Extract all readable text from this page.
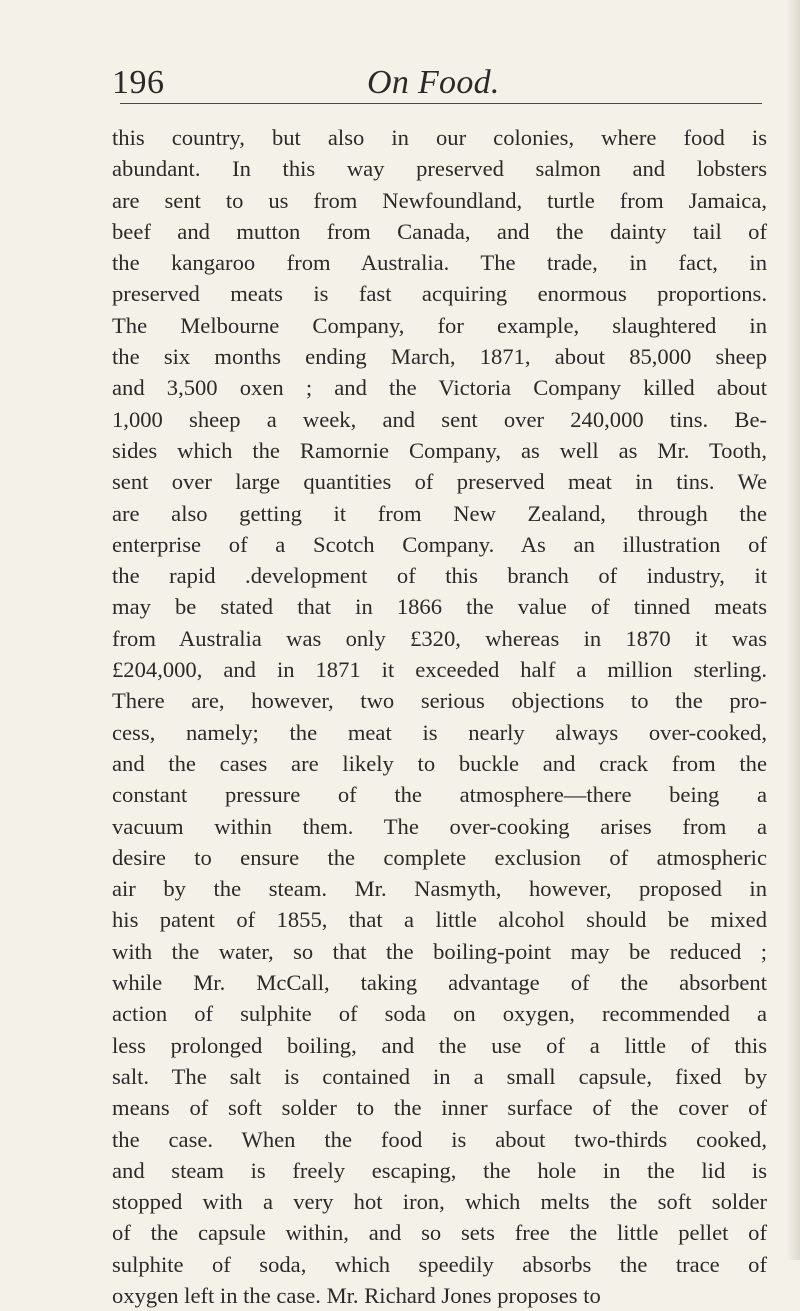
196	On Food.
this country, but also in our colonies, where food is
abundant. In this way preserved salmon and lobsters
are sent to us from Newfoundland, turtle from Jamaica,
beef and mutton from Canada, and the dainty tail of
the kangaroo from Australia. The trade, in fact, in
preserved meats is fast acquiring enormous proportions.
The Melbourne Company, for example, slaughtered in
the six months ending March, 1871, about 85,000 sheep
and 3,500 oxen ; and the Victoria Company killed about
1,000 sheep a week, and sent over 240,000 tins. Be-
sides which the Ramornie Company, as well as Mr. Tooth,
sent over large quantities of preserved meat in tins. We
are also getting it from New Zealand, through the
enterprise of a Scotch Company. As an illustration of
the rapid .development of this branch of industry, it
may be stated that in 1866 the value of tinned meats
from Australia was only £320, whereas in 1870 it was
£204,000, and in 1871 it exceeded half a million sterling.
There are, however, two serious objections to the pro-
cess, namely; the meat is nearly always over-cooked,
and the cases are likely to buckle and crack from the
constant pressure of the atmosphere—there being a
vacuum within them. The over-cooking arises from a
desire to ensure the complete exclusion of atmospheric
air by the steam. Mr. Nasmyth, however, proposed in
his patent of 1855, that a little alcohol should be mixed
with the water, so that the boiling-point may be reduced ;
while Mr. McCall, taking advantage of the absorbent
action of sulphite of soda on oxygen, recommended a
less prolonged boiling, and the use of a little of this
salt. The salt is contained in a small capsule, fixed by
means of soft solder to the inner surface of the cover of
the case. When the food is about two-thirds cooked,
and steam is freely escaping, the hole in the lid is
stopped with a very hot iron, which melts the soft solder
of the capsule within, and so sets free the little pellet of
sulphite of soda, which speedily absorbs the trace of
oxygen left in the case. Mr. Richard Jones proposes to
